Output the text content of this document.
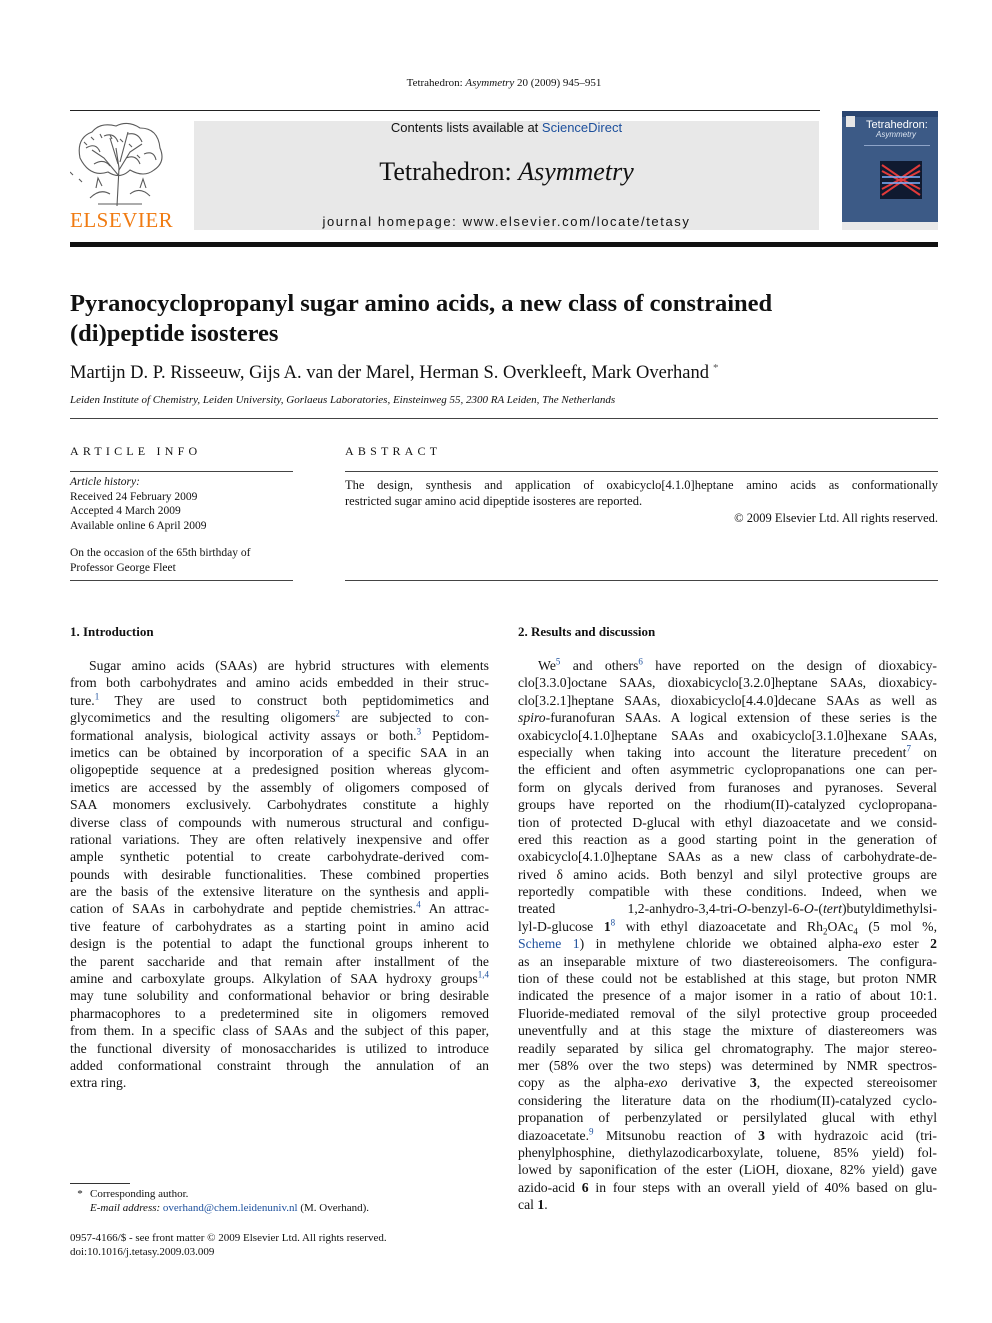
Tetrahedron: Asymmetry 20 (2009) 945–951
ELSEVIER
Contents lists available at ScienceDirect
Tetrahedron: Asymmetry
journal homepage: www.elsevier.com/locate/tetasy
Tetrahedron:
Asymmetry
Pyranocyclopropanyl sugar amino acids, a new class of constrained
(di)peptide isosteres
Martijn D. P. Risseeuw, Gijs A. van der Marel, Herman S. Overkleeft, Mark Overhand *
Leiden Institute of Chemistry, Leiden University, Gorlaeus Laboratories, Einsteinweg 55, 2300 RA Leiden, The Netherlands
ARTICLE INFO
Article history:
Received 24 February 2009
Accepted 4 March 2009
Available online 6 April 2009
On the occasion of the 65th birthday of
Professor George Fleet
ABSTRACT
The design, synthesis and application of oxabicyclo[4.1.0]heptane amino acids as conformationally
restricted sugar amino acid dipeptide isosteres are reported.
© 2009 Elsevier Ltd. All rights reserved.
1. Introduction	2. Results and discussion
Sugar amino acids (SAAs) are hybrid structures with elements
from both carbohydrates and amino acids embedded in their struc-
ture.$^1$ They are used to construct both peptidomimetics and
glycomimetics and the resulting oligomers$^2$ are subjected to con-
formational analysis, biological activity assays or both.$^3$ Peptidom-
imetics can be obtained by incorporation of a specific SAA in an
oligopeptide sequence at a predesigned position whereas glycom-
imetics are accessed by the assembly of oligomers composed of
SAA monomers exclusively. Carbohydrates constitute a highly
diverse class of compounds with numerous structural and configu-
rational variations. They are often relatively inexpensive and offer
ample synthetic potential to create carbohydrate-derived com-
pounds with desirable functionalities. These combined properties
are the basis of the extensive literature on the synthesis and appli-
cation of SAAs in carbohydrate and peptide chemistries.$^4$ An attrac-
tive feature of carbohydrates as a starting point in amino acid
design is the potential to adapt the functional groups inherent to
the parent saccharide and that remain after installment of the
amine and carboxylate groups. Alkylation of SAA hydroxy groups$^{1,4}$
may tune solubility and conformational behavior or bring desirable
pharmacophores to a predetermined site in oligomers removed
from them. In a specific class of SAAs and the subject of this paper,
the functional diversity of monosaccharides is utilized to introduce
added conformational constraint through the annulation of an
extra ring.
We$^5$ and others$^6$ have reported on the design of dioxabicy-
clo[3.3.0]octane SAAs, dioxabicyclo[3.2.0]heptane SAAs, dioxabicy-
clo[3.2.1]heptane SAAs, dioxabicyclo[4.4.0]decane SAAs as well as
spiro-furanofuran SAAs. A logical extension of these series is the
oxabicyclo[4.1.0]heptane SAAs and oxabicyclo[3.1.0]hexane SAAs,
especially when taking into account the literature precedent$^7$ on
the efficient and often asymmetric cyclopropanations one can per-
form on glycals derived from furanoses and pyranoses. Several
groups have reported on the rhodium(II)-catalyzed cyclopropana-
tion of protected D-glucal with ethyl diazoacetate and we consid-
ered this reaction as a good starting point in the generation of
oxabicyclo[4.1.0]heptane SAAs as a new class of carbohydrate-de-
rived δ amino acids. Both benzyl and silyl protective groups are
reportedly compatible with these conditions. Indeed, when we
treated 1,2-anhydro-3,4-tri-O-benzyl-6-O-(tert)butyldimethylsi-
lyl-D-glucose 1$^8$ with ethyl diazoacetate and $Rh_2OAc_4$ (5 mol %,
Scheme 1) in methylene chloride we obtained alpha-exo ester 2
as an inseparable mixture of two diastereoisomers. The configura-
tion of these could not be established at this stage, but proton NMR
indicated the presence of a major isomer in a ratio of about 10:1.
Fluoride-mediated removal of the silyl protective group proceeded
uneventfully and at this stage the mixture of diastereomers was
readily separated by silica gel chromatography. The major stereo-
mer (58% over the two steps) was determined by NMR spectros-
copy as the alpha-exo derivative 3, the expected stereoisomer
considering the literature data on the rhodium(II)-catalyzed cyclo-
propanation of perbenzylated or persilylated glucal with ethyl
diazoacetate.$^9$ Mitsunobu reaction of 3 with hydrazoic acid (tri-
phenylphosphine, diethylazodicarboxylate, toluene, 85% yield) fol-
lowed by saponification of the ester (LiOH, dioxane, 82% yield) gave
azido-acid 6 in four steps with an overall yield of 40% based on glu-
cal 1.
* Corresponding author.
E-mail address: overhand@chem.leidenuniv.nl (M. Overhand).
0957-4166/$ - see front matter © 2009 Elsevier Ltd. All rights reserved.
doi:10.1016/j.tetasy.2009.03.009
